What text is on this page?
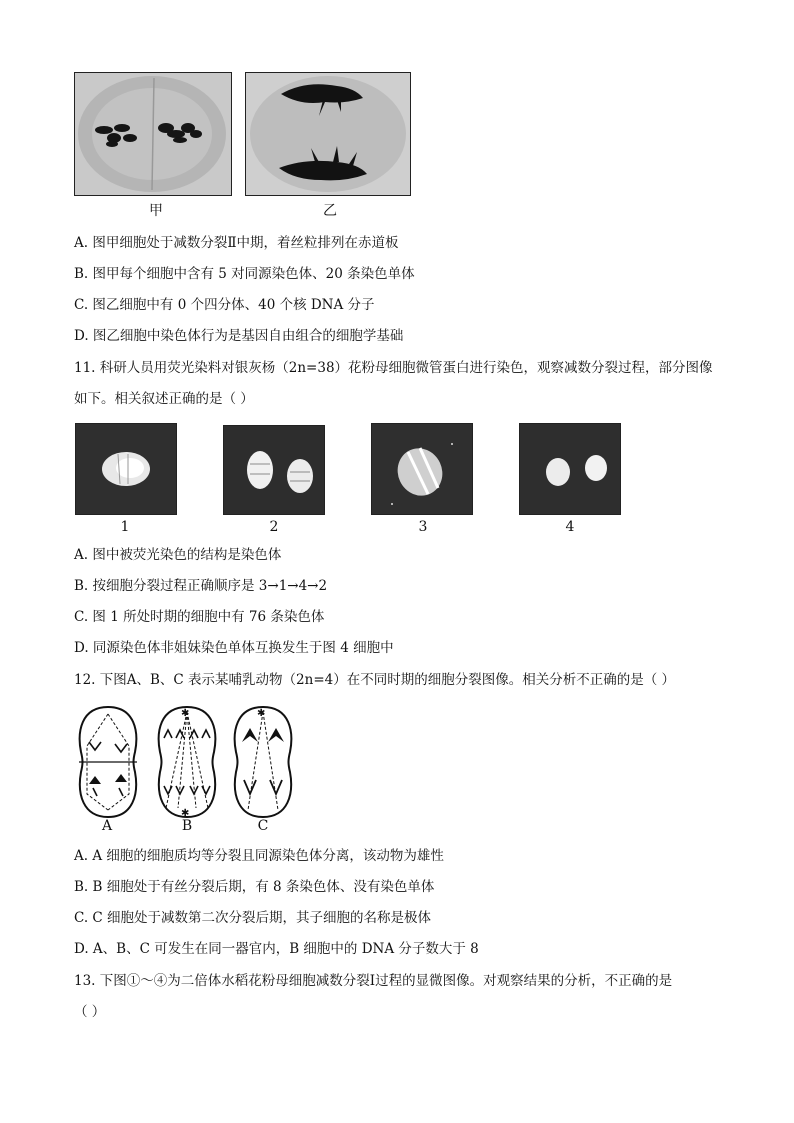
甲	乙
A. 图甲细胞处于减数分裂Ⅱ中期，着丝粒排列在赤道板
B. 图甲每个细胞中含有 5 对同源染色体、20 条染色单体
C. 图乙细胞中有 0 个四分体、40 个核 DNA 分子
D. 图乙细胞中染色体行为是基因自由组合的细胞学基础
11. 科研人员用荧光染料对银灰杨（2n=38）花粉母细胞微管蛋白进行染色，观察减数分裂过程，部分图像
如下。相关叙述正确的是（ ）
1	2	3	4
A. 图中被荧光染色的结构是染色体
B. 按细胞分裂过程正确顺序是 3→1→4→2
C. 图 1 所处时期的细胞中有 76 条染色体
D. 同源染色体非姐妹染色单体互换发生于图 4 细胞中
12. 下图A、B、C 表示某哺乳动物（2n=4）在不同时期的细胞分裂图像。相关分析不正确的是（ ）
A
✱
✱
B
✱
C
A. A 细胞的细胞质均等分裂且同源染色体分离，该动物为雄性
B. B 细胞处于有丝分裂后期，有 8 条染色体、没有染色单体
C. C 细胞处于减数第二次分裂后期，其子细胞的名称是极体
D. A、B、C 可发生在同一器官内，B 细胞中的 DNA 分子数大于 8
13. 下图①～④为二倍体水稻花粉母细胞减数分裂Ⅰ过程的显微图像。对观察结果的分析，不正确的是
（ ）
